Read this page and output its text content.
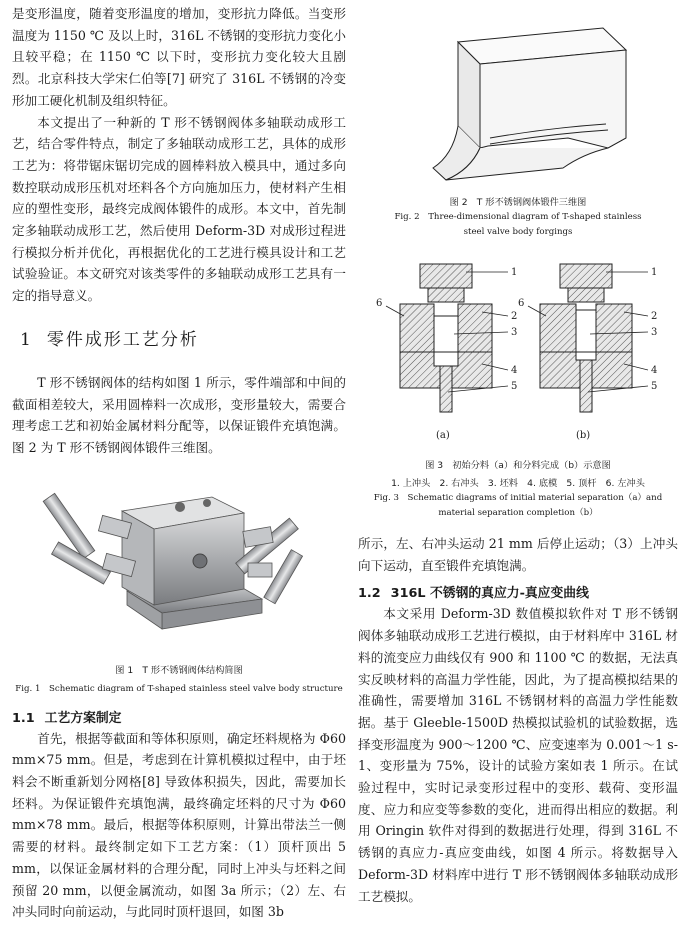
是变形温度，随着变形温度的增加，变形抗力降低。当变形温度为 1150 ℃ 及以上时，316L 不锈钢的变形抗力变化小且较平稳；在 1150 ℃ 以下时，变形抗力变化较大且剧烈。北京科技大学宋仁伯等[7] 研究了 316L 不锈钢的冷变形加工硬化机制及组织特征。

本文提出了一种新的 T 形不锈钢阀体多轴联动成形工艺，结合零件特点，制定了多轴联动成形工艺，具体的成形工艺为：将带锯床锯切完成的圆棒料放入模具中，通过多向数控联动成形压机对坯料各个方向施加压力，使材料产生相应的塑性变形，最终完成阀体锻件的成形。本文中，首先制定多轴联动成形工艺，然后使用 Deform-3D 对成形过程进行模拟分析并优化，再根据优化的工艺进行模具设计和工艺试验验证。本文研究对该类零件的多轴联动成形工艺具有一定的指导意义。

1 零件成形工艺分析

T 形不锈钢阀体的结构如图 1 所示，零件端部和中间的截面相差较大，采用圆棒料一次成形，变形量较大，需要合理考虑工艺和初始金属材料分配等，以保证锻件充填饱满。图 2 为 T 形不锈钢阀体锻件三维图。

图 1　T 形不锈钢阀体结构简图
Fig. 1　Schematic diagram of T-shaped stainless steel valve body structure
1.1 工艺方案制定

首先，根据等截面和等体积原则，确定坯料规格为 Φ60 mm×75 mm。但是，考虑到在计算机模拟过程中，由于坯料会不断重新划分网格[8] 导致体积损失，因此，需要加长坯料。为保证锻件充填饱满，最终确定坯料的尺寸为 Φ60 mm×78 mm。最后，根据等体积原则，计算出带法兰一侧需要的材料。最终制定如下工艺方案：（1）顶杆顶出 5 mm，以保证金属材料的合理分配，同时上冲头与坯料之间预留 20 mm，以便金属流动，如图 3a 所示；（2）左、右冲头同时向前运动，与此同时顶杆退回，如图 3b

图 2　T 形不锈钢阀体锻件三维图
Fig. 2　Three-dimensional diagram of T-shaped stainless steel valve body forgings
1
2
3
4
5
6
1
2
3
4
5
6
(a)	(b)
图 3　初始分料（a）和分料完成（b）示意图
1. 上冲头　2. 右冲头　3. 坯料　4. 底模　5. 顶杆　6. 左冲头
Fig. 3　Schematic diagrams of initial material separation（a）and material separation completion（b）

所示，左、右冲头运动 21 mm 后停止运动；（3）上冲头向下运动，直至锻件充填饱满。

1.2 316L 不锈钢的真应力-真应变曲线

本文采用 Deform-3D 数值模拟软件对 T 形不锈钢阀体多轴联动成形工艺进行模拟，由于材料库中 316L 材料的流变应力曲线仅有 900 和 1100 ℃ 的数据，无法真实反映材料的高温力学性能，因此，为了提高模拟结果的准确性，需要增加 316L 不锈钢材料的高温力学性能数据。基于 Gleeble-1500D 热模拟试验机的试验数据，选择变形温度为 900～1200 ℃、应变速率为 0.001～1 s-1、变形量为 75%，设计的试验方案如表 1 所示。在试验过程中，实时记录变形过程中的变形、载荷、变形温度、应力和应变等参数的变化，进而得出相应的数据。利用 Oringin 软件对得到的数据进行处理，得到 316L 不锈钢的真应力-真应变曲线，如图 4 所示。将数据导入 Deform-3D 材料库中进行 T 形不锈钢阀体多轴联动成形工艺模拟。
